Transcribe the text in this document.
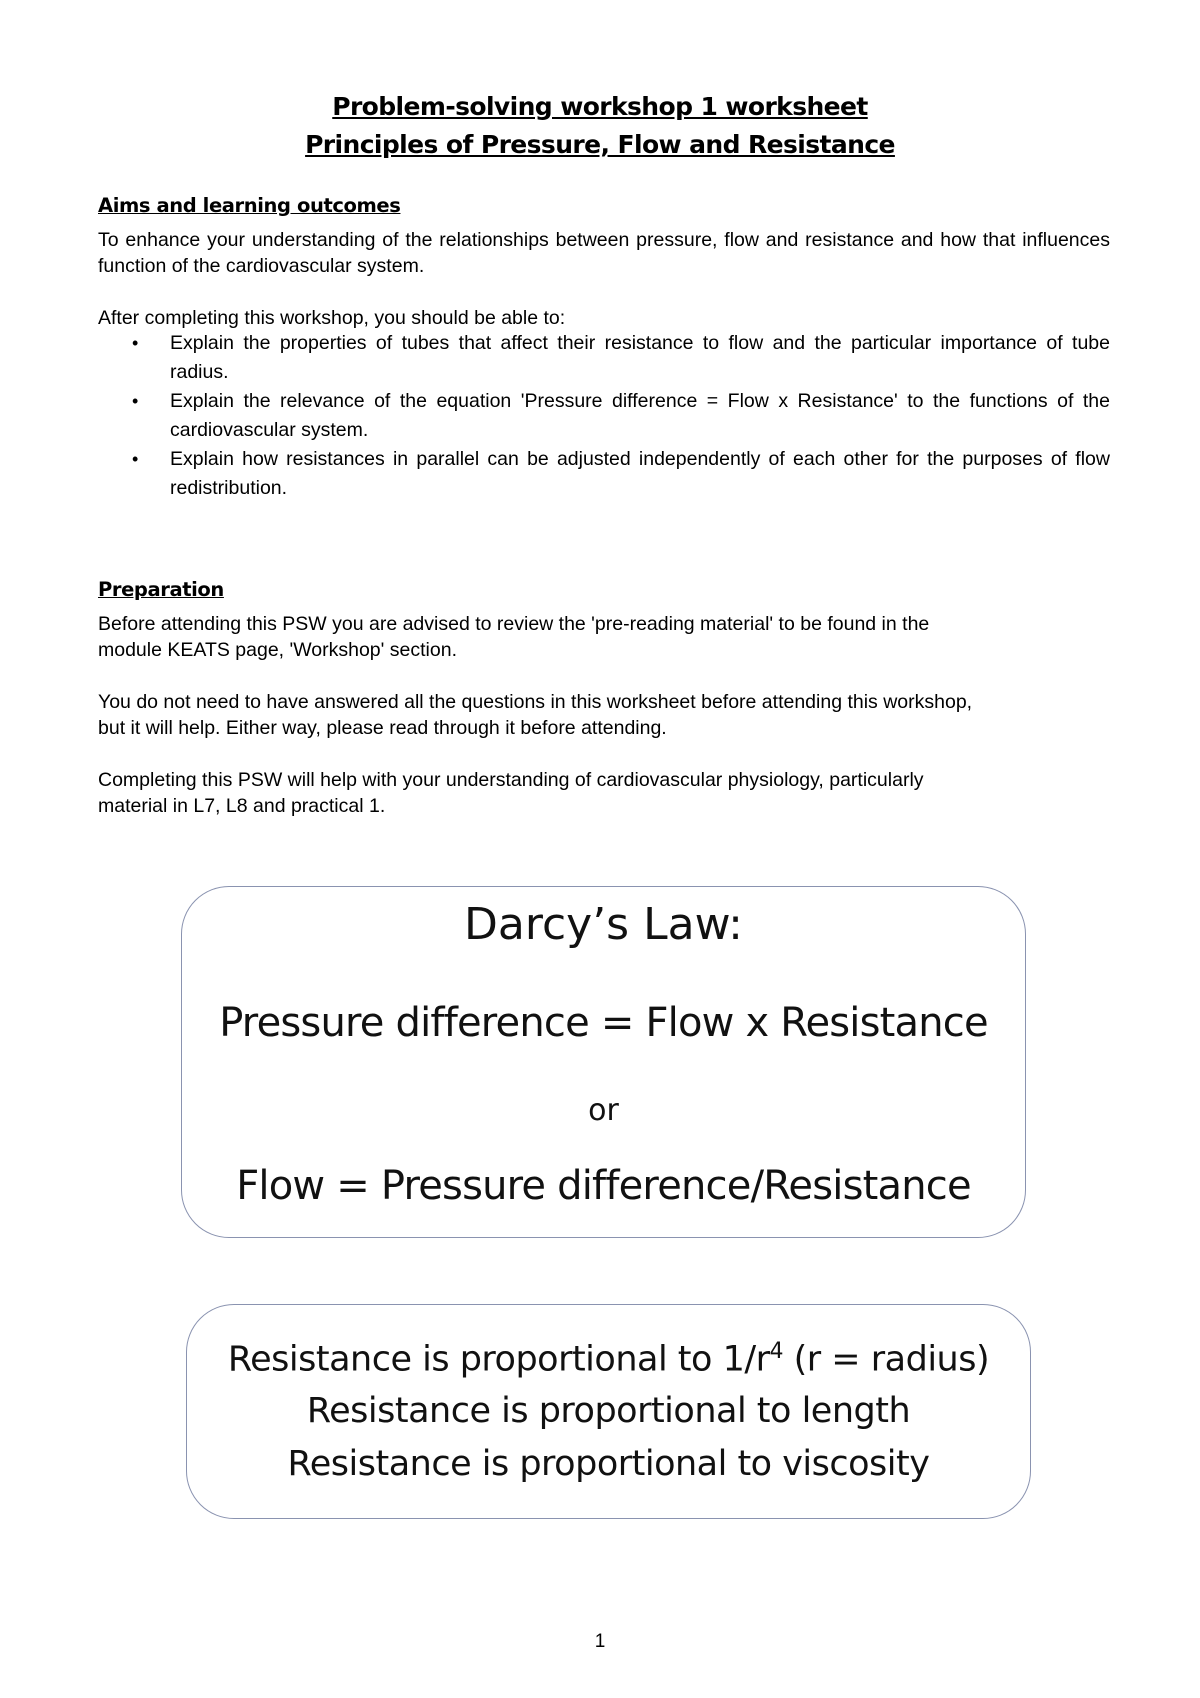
Problem-solving workshop 1 worksheet
Principles of Pressure, Flow and Resistance
Aims and learning outcomes
To enhance your understanding of the relationships between pressure, flow and resistance and how that influences function of the cardiovascular system.
After completing this workshop, you should be able to:
• Explain the properties of tubes that affect their resistance to flow and the particular importance of tube radius.
• Explain the relevance of the equation 'Pressure difference = Flow x Resistance' to the functions of the cardiovascular system.
• Explain how resistances in parallel can be adjusted independently of each other for the purposes of flow redistribution.
Preparation
Before attending this PSW you are advised to review the 'pre-reading material' to be found in the
module KEATS page, 'Workshop' section.
You do not need to have answered all the questions in this worksheet before attending this workshop,
but it will help. Either way, please read through it before attending.
Completing this PSW will help with your understanding of cardiovascular physiology, particularly
material in L7, L8 and practical 1.
Darcy’s Law:
Pressure difference = Flow x Resistance
or
Flow = Pressure difference/Resistance
Resistance is proportional to $1/r^4$ (r = radius)
Resistance is proportional to length
Resistance is proportional to viscosity
1
